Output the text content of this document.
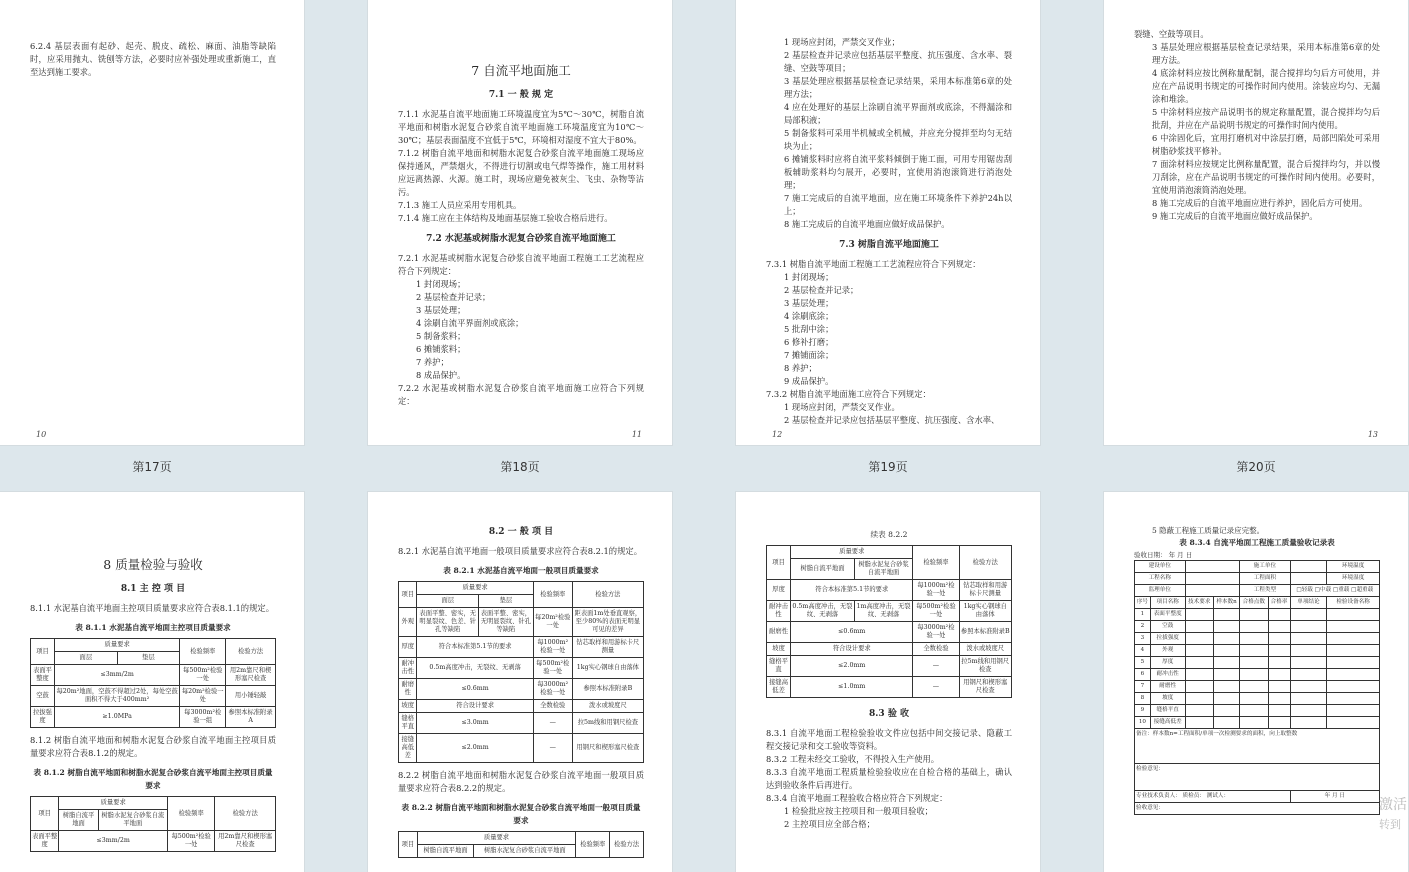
6.2.4 基层表面有起砂、起壳、脱皮、疏松、麻面、油脂等缺陷时，应采用抛丸、铣刨等方法，必要时应补强处理或重新施工，直至达到施工要求。

10
7 自流平地面施工
7.1 一 般 规 定

7.1.1 水泥基自流平地面施工环境温度宜为5℃～30℃，树脂自流平地面和树脂水泥复合砂浆自流平地面施工环境温度宜为10℃～30℃；基层表面温度不宜低于5℃，环境相对湿度不宜大于80%。

7.1.2 树脂自流平地面和树脂水泥复合砂浆自流平地面施工现场应保持通风，严禁烟火，不得进行切割或电气焊等操作，施工用材料应远离热源、火源。施工时，现场应避免被灰尘、飞虫、杂物等沾污。

7.1.3 施工人员应采用专用机具。

7.1.4 施工应在主体结构及地面基层施工验收合格后进行。

7.2 水泥基或树脂水泥复合砂浆自流平地面施工

7.2.1 水泥基或树脂水泥复合砂浆自流平地面工程施工工艺流程应符合下列规定：

1 封闭现场；

2 基层检查并记录；

3 基层处理；

4 涂刷自流平界面剂或底涂；

5 制备浆料；

6 摊铺浆料；

7 养护；

8 成品保护。

7.2.2 水泥基或树脂水泥复合砂浆自流平地面施工应符合下列规定：

11

1 现场应封闭，严禁交叉作业；

2 基层检查并记录应包括基层平整度、抗压强度、含水率、裂缝、空鼓等项目；

3 基层处理应根据基层检查记录结果，采用本标准第6章的处理方法；

4 应在处理好的基层上涂刷自流平界面剂或底涂，不得漏涂和局部积液；

5 制备浆料可采用半机械或全机械，并应充分搅拌至均匀无结块为止；

6 摊铺浆料时应将自流平浆料倾倒于施工面，可用专用锯齿刮板辅助浆料均匀展开，必要时，宜使用消泡滚筒进行消泡处理；

7 施工完成后的自流平地面，应在施工环境条件下养护24h以上；

8 施工完成后的自流平地面应做好成品保护。

7.3 树脂自流平地面施工

7.3.1 树脂自流平地面工程施工工艺流程应符合下列规定：

1 封闭现场；

2 基层检查并记录；

3 基层处理；

4 涂刷底涂；

5 批刮中涂；

6 修补打磨；

7 摊铺面涂；

8 养护；

9 成品保护。

7.3.2 树脂自流平地面施工应符合下列规定：

1 现场应封闭，严禁交叉作业。

2 基层检查并记录应包括基层平整度、抗压强度、含水率、

12

裂缝、空鼓等项目。

3 基层处理应根据基层检查记录结果，采用本标准第6章的处理方法。

4 底涂材料应按比例称量配制，混合搅拌均匀后方可使用，并应在产品说明书规定的可操作时间内使用。涂装应均匀、无漏涂和堆涂。

5 中涂材料应按产品说明书的规定称量配置，混合搅拌均匀后批刮，并应在产品说明书规定的可操作时间内使用。

6 中涂固化后，宜用打磨机对中涂层打磨，局部凹陷处可采用树脂砂浆找平修补。

7 面涂材料应按规定比例称量配置，混合后搅拌均匀，并以慢刀刮涂，应在产品说明书规定的可操作时间内使用。必要时，宜使用消泡滚筒消泡处理。

8 施工完成后的自流平地面应进行养护，固化后方可使用。

9 施工完成后的自流平地面应做好成品保护。

13
第17页	第18页	第19页	第20页
8 质量检验与验收
8.1 主 控 项 目

8.1.1 水泥基自流平地面主控项目质量要求应符合表8.1.1的规定。

表 8.1.1 水泥基自流平地面主控项目质量要求
项目	质量要求		检验频率	检验方法
	面层	垫层		
表面平整度	≤3mm/2m		每500m²检验一处	用2m靠尺和楔形塞尺检查
空鼓	每20m²地面，空鼓不得超过2处，每处空鼓面积不得大于400mm²		每20m²检验一处	用小锤轻敲
拉拔强度	≥1.0MPa		每3000m²检验一组	参照本标准附录A

8.1.2 树脂自流平地面和树脂水泥复合砂浆自流平地面主控项目质量要求应符合表8.1.2的规定。

表 8.1.2 树脂自流平地面和树脂水泥复合砂浆自流平地面主控项目质量要求
项目	质量要求		检验频率	检验方法
	树脂自流平地面	树脂水泥复合砂浆自流平地面		
表面平整度	≤3mm/2m		每500m²检验一处	用2m靠尺和楔形塞尺检查
8.2 一 般 项 目

8.2.1 水泥基自流平地面一般项目质量要求应符合表8.2.1的规定。

表 8.2.1 水泥基自流平地面一般项目质量要求
项目	质量要求		检验频率	检验方法
	面层	垫层		
外观	表面平整、密实，无明显裂纹、色差、针孔等缺陷	表面平整、密实，无明显裂纹、针孔等缺陷	每20m²检验一处	距表面1m处垂直观察，至少80%的表面无明显可见的差异
厚度	符合本标准第5.1节的要求		每1000m²检验一处	钻芯取样和用游标卡尺测量
耐冲击性	0.5m高度冲击，无裂纹、无剥落		每500m²检验一处	1kg实心钢球自由落体
耐磨性	≤0.6mm		每3000m²检验一处	参照本标准附录B
坡度	符合设计要求		全数检验	泼水或坡度尺
缝格平直	≤3.0mm		—	拉5m线和用钢尺检查
接缝高低差	≤2.0mm		—	用钢尺和楔形塞尺检查

8.2.2 树脂自流平地面和树脂水泥复合砂浆自流平地面一般项目质量要求应符合表8.2.2的规定。

表 8.2.2 树脂自流平地面和树脂水泥复合砂浆自流平地面一般项目质量要求
项目	质量要求		检验频率	检验方法
	树脂自流平地面	树脂水泥复合砂浆自流平地面		
续表 8.2.2
项目	质量要求		检验频率	检验方法
	树脂自流平地面	树脂水泥复合砂浆自流平地面		
厚度	符合本标准第5.1节的要求		每1000m²检验一处	钻芯取样和用游标卡尺测量
耐冲击性	0.5m高度冲击，无裂纹、无剥落	1m高度冲击，无裂纹、无剥落	每500m²检验一处	1kg实心钢球自由落体
耐磨性	≤0.6mm		每3000m²检验一处	参照本标准附录B
坡度	符合设计要求		全数检验	泼水或坡度尺
缝格平直	≤2.0mm		—	拉5m线和用钢尺检查
接缝高低差	≤1.0mm		—	用钢尺和楔形塞尺检查
8.3 验 收

8.3.1 自流平地面工程检验验收文件应包括中间交接记录、隐蔽工程交接记录和交工验收等资料。

8.3.2 工程未经交工验收，不得投入生产使用。

8.3.3 自流平地面工程质量检验验收应在自检合格的基础上，确认达到验收条件后再进行。

8.3.4 自流平地面工程验收合格应符合下列规定：

1 检验批应按主控项目和一般项目验收；

2 主控项目应全部合格；

5 隐蔽工程施工质量记录应完整。

表 8.3.4 自流平地面工程施工质量验收记录表

验收日期： 年 月 日

建设单位				施工单位			环境温度
工程名称				工程面积			环境湿度
监理单位				工程类型		□轻载 □中载 □重载 □超重载	
序号	项目名称	技术要求	样本数n	合格点数	合格率	单项结论	检验设备名称
1	表面平整度						
2	空鼓						
3	拉拔强度						
4	外观						
5	厚度						
6	耐冲击性						
7	耐磨性						
8	坡度						
9	缝格平直						
10	接缝高低差						
备注：样本数n=工程面积/单项一次检测要求的面积，向上取整数							
检验意见：							
专业技术负责人： 质检员： 测试人：						年 月 日	
验收意见：								激活
转到
